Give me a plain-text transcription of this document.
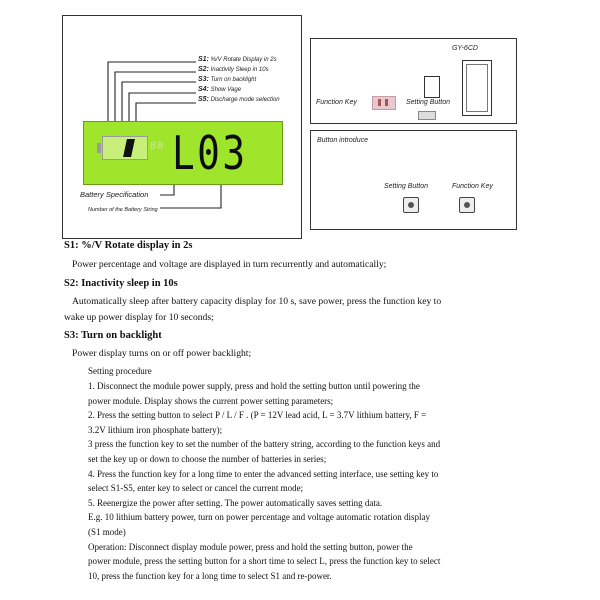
S1: %/V Rotate Display in 2s
S2: Inactivity Sleep in 10s
S3: Turn on backlight
S4: Show Vage
S5: Discharge mode selection
88 L03
Battery Specification
Number of the Battery String
GY-6CD
Function Key	Setting Button
Button introduce
Setting Button	Function Key
S1: %/V Rotate display in 2s
Power percentage and voltage are displayed in turn recurrently and automatically;
S2: Inactivity sleep in 10s
Automatically sleep after battery capacity display for 10 s, save power, press the function key to
wake up power display for 10 seconds;
S3: Turn on backlight
Power display turns on or off power backlight;
Setting procedure
1. Disconnect the module power supply, press and hold the setting button until powering the
power module. Display shows the current power setting parameters;
2. Press the setting button to select P / L / F . (P = 12V lead acid, L = 3.7V lithium battery, F =
3.2V lithium iron phosphate battery);
3 press the function key to set the number of the battery string, according to the function keys and
set the key up or down to choose the number of batteries in series;
4. Press the function key for a long time to enter the advanced setting interface, use setting key to
select S1-S5, enter key to select or cancel the current mode;
5. Reenergize the power after setting. The power automatically saves setting data.
E.g. 10 lithium battery power, turn on power percentage and voltage automatic rotation display
(S1 mode)
Operation: Disconnect display module power, press and hold the setting button, power the
power module, press the setting button for a short time to select L, press the function key to select
10, press the function key for a long time to select S1 and re-power.
